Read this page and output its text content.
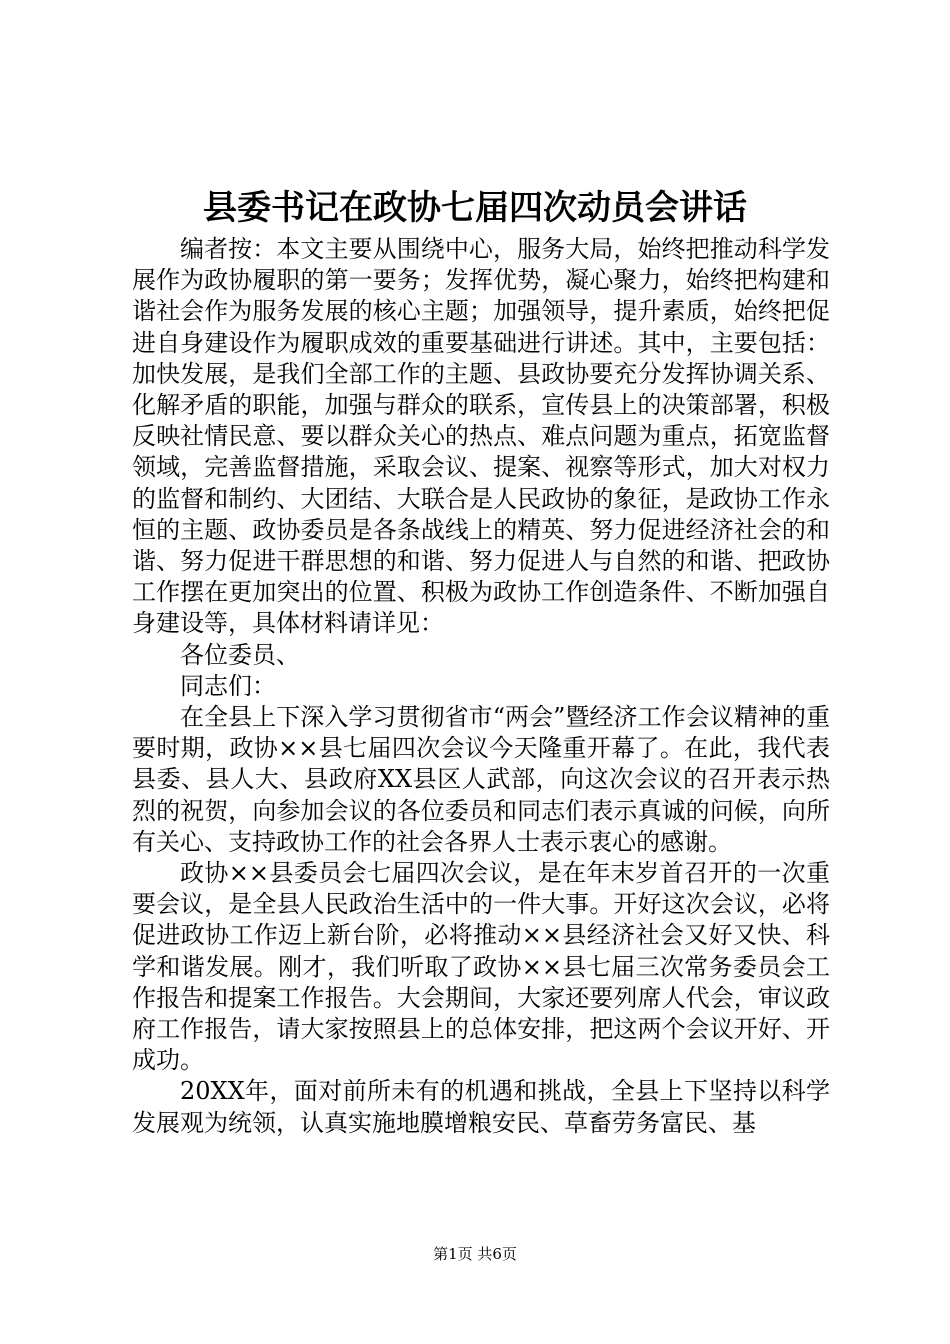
县委书记在政协七届四次动员会讲话

编者按：本文主要从围绕中心，服务大局，始终把推动科学发展作为政协履职的第一要务；发挥优势，凝心聚力，始终把构建和谐社会作为服务发展的核心主题；加强领导，提升素质，始终把促进自身建设作为履职成效的重要基础进行讲述。其中，主要包括：加快发展，是我们全部工作的主题、县政协要充分发挥协调关系、化解矛盾的职能，加强与群众的联系，宣传县上的决策部署，积极反映社情民意、要以群众关心的热点、难点问题为重点，拓宽监督领域，完善监督措施，采取会议、提案、视察等形式，加大对权力的监督和制约、大团结、大联合是人民政协的象征，是政协工作永恒的主题、政协委员是各条战线上的精英、努力促进经济社会的和谐、努力促进干群思想的和谐、努力促进人与自然的和谐、把政协工作摆在更加突出的位置、积极为政协工作创造条件、不断加强自身建设等，具体材料请详见：

各位委员、

同志们：

在全县上下深入学习贯彻省市“两会”暨经济工作会议精神的重要时期，政协××县七届四次会议今天隆重开幕了。在此，我代表县委、县人大、县政府XX县区人武部，向这次会议的召开表示热烈的祝贺，向参加会议的各位委员和同志们表示真诚的问候，向所有关心、支持政协工作的社会各界人士表示衷心的感谢。

政协××县委员会七届四次会议，是在年末岁首召开的一次重要会议，是全县人民政治生活中的一件大事。开好这次会议，必将促进政协工作迈上新台阶，必将推动××县经济社会又好又快、科学和谐发展。刚才，我们听取了政协××县七届三次常务委员会工作报告和提案工作报告。大会期间，大家还要列席人代会，审议政府工作报告，请大家按照县上的总体安排，把这两个会议开好、开成功。

20XX年，面对前所未有的机遇和挑战，全县上下坚持以科学发展观为统领，认真实施地膜增粮安民、草畜劳务富民、基

第1页 共6页
